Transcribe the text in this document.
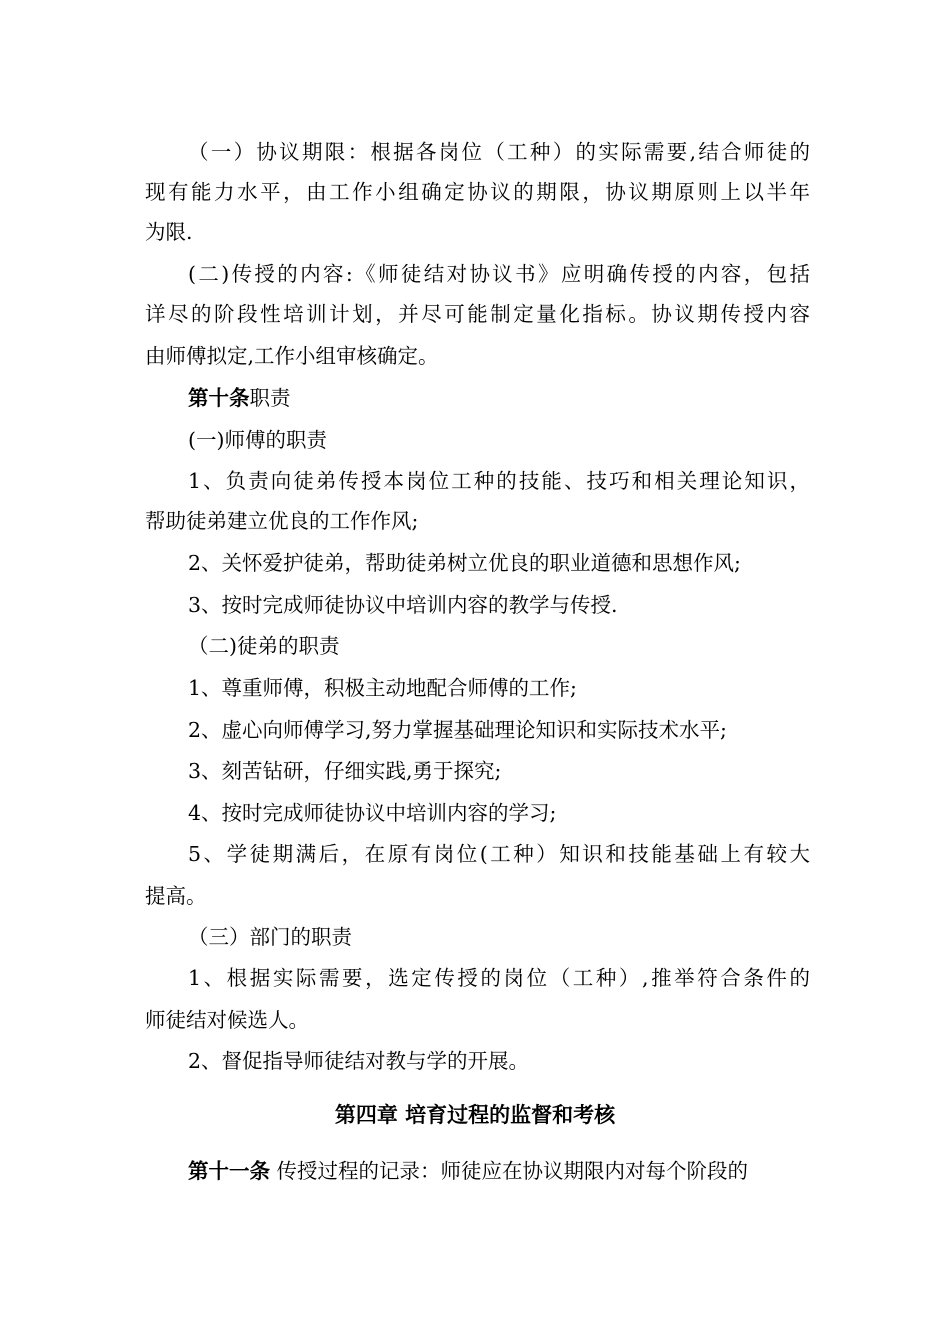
（一）协议期限：根据各岗位（工种）的实际需要,结合师徒的
现有能力水平，由工作小组确定协议的期限，协议期原则上以半年
为限.
(二)传授的内容:《师徒结对协议书》应明确传授的内容，包括
详尽的阶段性培训计划，并尽可能制定量化指标。协议期传授内容
由师傅拟定,工作小组审核确定。
第十条职责
(一)师傅的职责
1、负责向徒弟传授本岗位工种的技能、技巧和相关理论知识，
帮助徒弟建立优良的工作作风;
2、关怀爱护徒弟，帮助徒弟树立优良的职业道德和思想作风;
3、按时完成师徒协议中培训内容的教学与传授.
（二)徒弟的职责
1、尊重师傅，积极主动地配合师傅的工作;
2、虚心向师傅学习,努力掌握基础理论知识和实际技术水平;
3、刻苦钻研，仔细实践,勇于探究;
4、按时完成师徒协议中培训内容的学习;
5、学徒期满后，在原有岗位(工种）知识和技能基础上有较大
提高。
（三）部门的职责
1、根据实际需要，选定传授的岗位（工种）,推举符合条件的
师徒结对候选人。
2、督促指导师徒结对教与学的开展。
第四章 培育过程的监督和考核
第十一条 传授过程的记录：师徒应在协议期限内对每个阶段的
